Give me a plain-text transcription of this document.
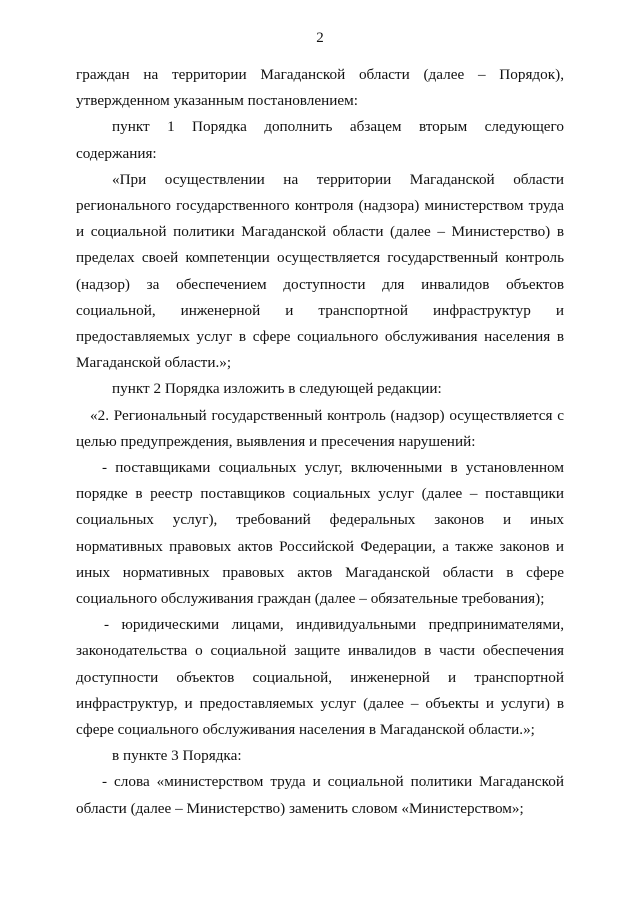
2

граждан на территории Магаданской области (далее – Порядок), утвержденном указанным постановлением:

пункт 1 Порядка дополнить абзацем вторым следующего содержания:

«При осуществлении на территории Магаданской области регионального государственного контроля (надзора) министерством труда и социальной политики Магаданской области (далее – Министерство) в пределах своей компетенции осуществляется государственный контроль (надзор) за обеспечением доступности для инвалидов объектов социальной, инженерной и транспортной инфраструктур и предоставляемых услуг в сфере социального обслуживания населения в Магаданской области.»;

пункт 2 Порядка изложить в следующей редакции:

«2. Региональный государственный контроль (надзор) осуществляется с целью предупреждения, выявления и пресечения нарушений:

- поставщиками социальных услуг, включенными в установленном порядке в реестр поставщиков социальных услуг (далее – поставщики социальных услуг), требований федеральных законов и иных нормативных правовых актов Российской Федерации, а также законов и иных нормативных правовых актов Магаданской области в сфере социального обслуживания граждан (далее – обязательные требования);

- юридическими лицами, индивидуальными предпринимателями, законодательства о социальной защите инвалидов в части обеспечения доступности объектов социальной, инженерной и транспортной инфраструктур, и предоставляемых услуг (далее – объекты и услуги) в сфере социального обслуживания населения в Магаданской области.»;

в пункте 3 Порядка:

- слова «министерством труда и социальной политики Магаданской области (далее – Министерство) заменить словом «Министерством»;
